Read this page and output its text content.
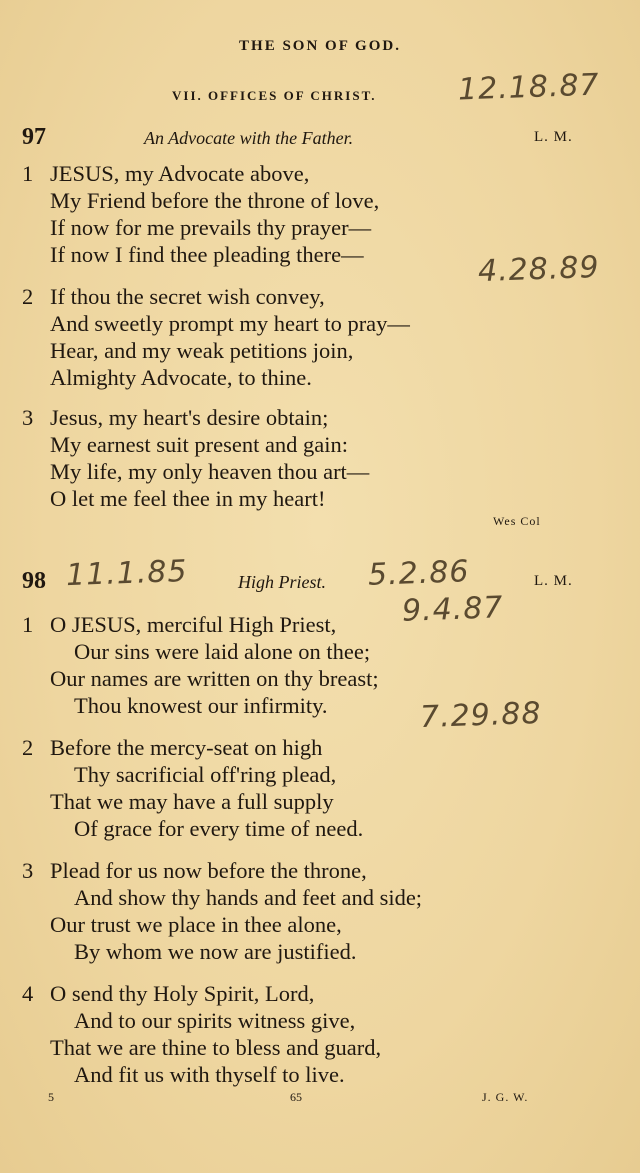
THE SON OF GOD.
VII. OFFICES OF CHRIST.	12.18.87
97	An Advocate with the Father.	L. M.
1 JESUS, my Advocate above,
My Friend before the throne of love,
If now for me prevails thy prayer—
If now I find thee pleading there—	4.28.89
2 If thou the secret wish convey,
And sweetly prompt my heart to pray—
Hear, and my weak petitions join,
Almighty Advocate, to thine.
3 Jesus, my heart's desire obtain;
My earnest suit present and gain:
My life, my only heaven thou art—
O let me feel thee in my heart!
Wes Col
98	High Priest.	L. M.
11.1.85	5.2.86
9.4.87
1 O JESUS, merciful High Priest,
Our sins were laid alone on thee;
Our names are written on thy breast;
Thou knowest our infirmity.	7.29.88
2 Before the mercy-seat on high
Thy sacrificial off'ring plead,
That we may have a full supply
Of grace for every time of need.
3 Plead for us now before the throne,
And show thy hands and feet and side;
Our trust we place in thee alone,
By whom we now are justified.
4 O send thy Holy Spirit, Lord,
And to our spirits witness give,
That we are thine to bless and guard,
And fit us with thyself to live.
5	65	J. G. W.
